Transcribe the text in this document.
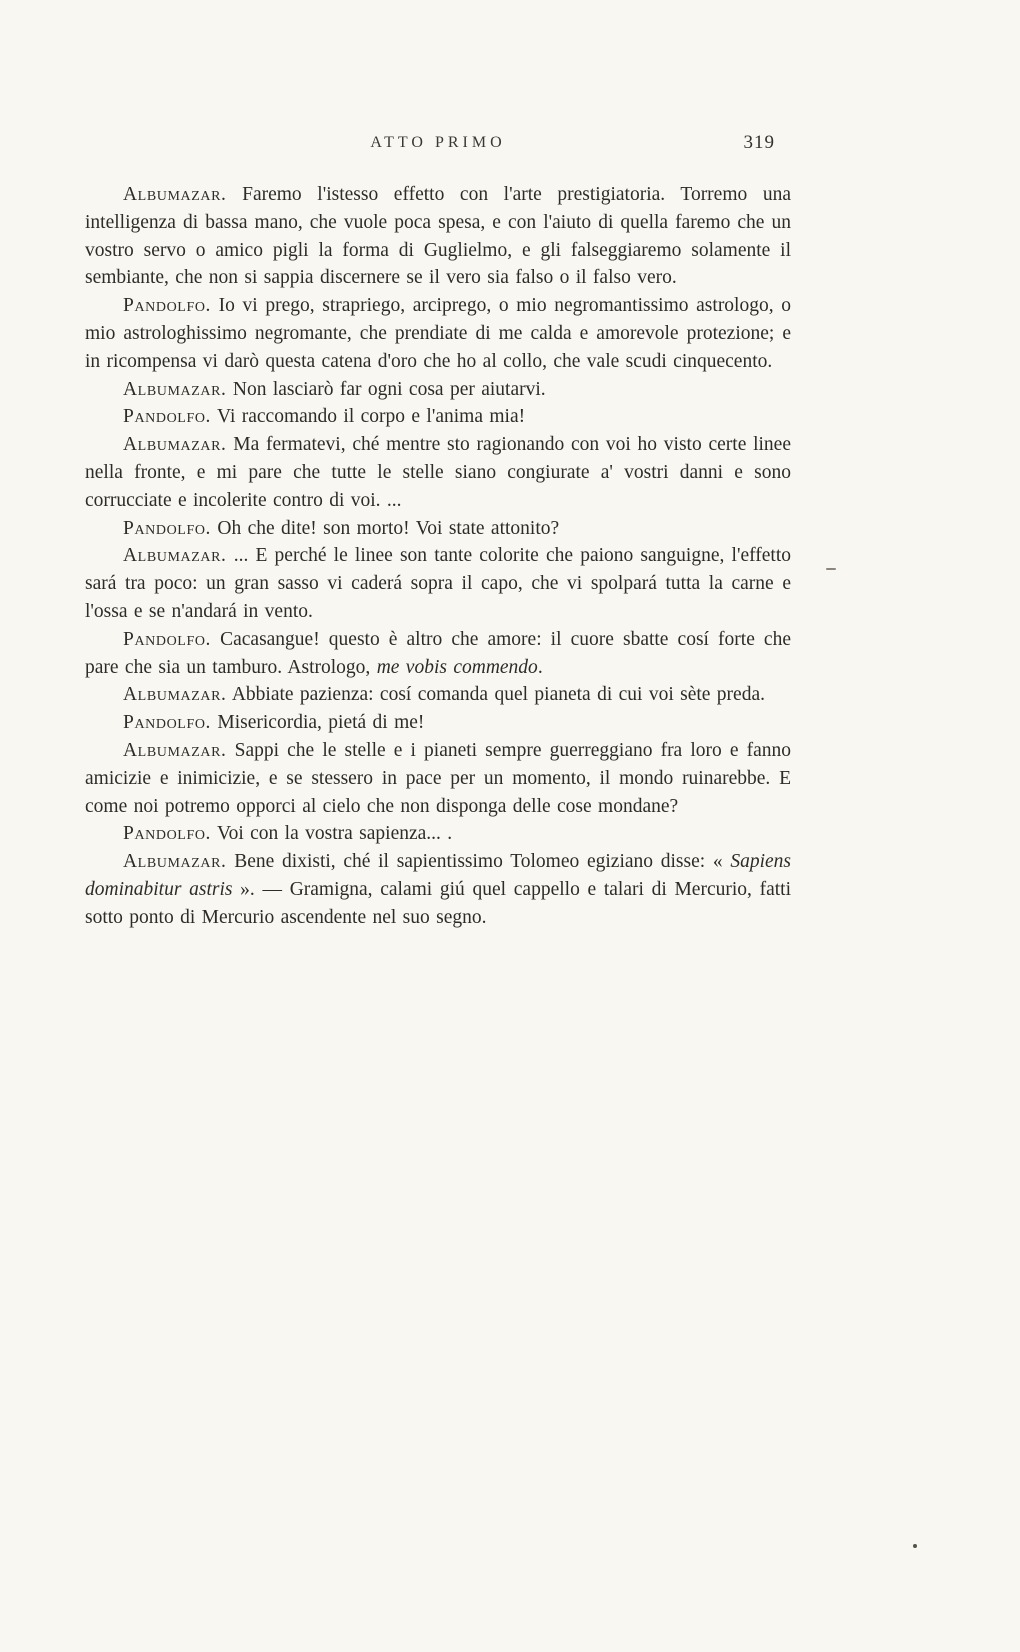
ATTO PRIMO	319

Albumazar. Faremo l'istesso effetto con l'arte prestigiatoria. Torremo una intelligenza di bassa mano, che vuole poca spesa, e con l'aiuto di quella faremo che un vostro servo o amico pigli la forma di Guglielmo, e gli falseggiaremo solamente il sembiante, che non si sappia discernere se il vero sia falso o il falso vero.

Pandolfo. Io vi prego, strapriego, arciprego, o mio negromantissimo astrologo, o mio astrologhissimo negromante, che prendiate di me calda e amorevole protezione; e in ricompensa vi darò questa catena d'oro che ho al collo, che vale scudi cinquecento.

Albumazar. Non lasciarò far ogni cosa per aiutarvi.

Pandolfo. Vi raccomando il corpo e l'anima mia!

Albumazar. Ma fermatevi, ché mentre sto ragionando con voi ho visto certe linee nella fronte, e mi pare che tutte le stelle siano congiurate a' vostri danni e sono corrucciate e incolerite contro di voi. ...

Pandolfo. Oh che dite! son morto! Voi state attonito?

Albumazar. ... E perché le linee son tante colorite che paiono sanguigne, l'effetto sará tra poco: un gran sasso vi caderá sopra il capo, che vi spolpará tutta la carne e l'ossa e se n'andará in vento.

Pandolfo. Cacasangue! questo è altro che amore: il cuore sbatte cosí forte che pare che sia un tamburo. Astrologo, me vobis commendo.

Albumazar. Abbiate pazienza: cosí comanda quel pianeta di cui voi sète preda.

Pandolfo. Misericordia, pietá di me!

Albumazar. Sappi che le stelle e i pianeti sempre guerreggiano fra loro e fanno amicizie e inimicizie, e se stessero in pace per un momento, il mondo ruinarebbe. E come noi potremo opporci al cielo che non disponga delle cose mondane?

Pandolfo. Voi con la vostra sapienza... .

Albumazar. Bene dixisti, ché il sapientissimo Tolomeo egiziano disse: « Sapiens dominabitur astris ». — Gramigna, calami giú quel cappello e talari di Mercurio, fatti sotto ponto di Mercurio ascendente nel suo segno.
